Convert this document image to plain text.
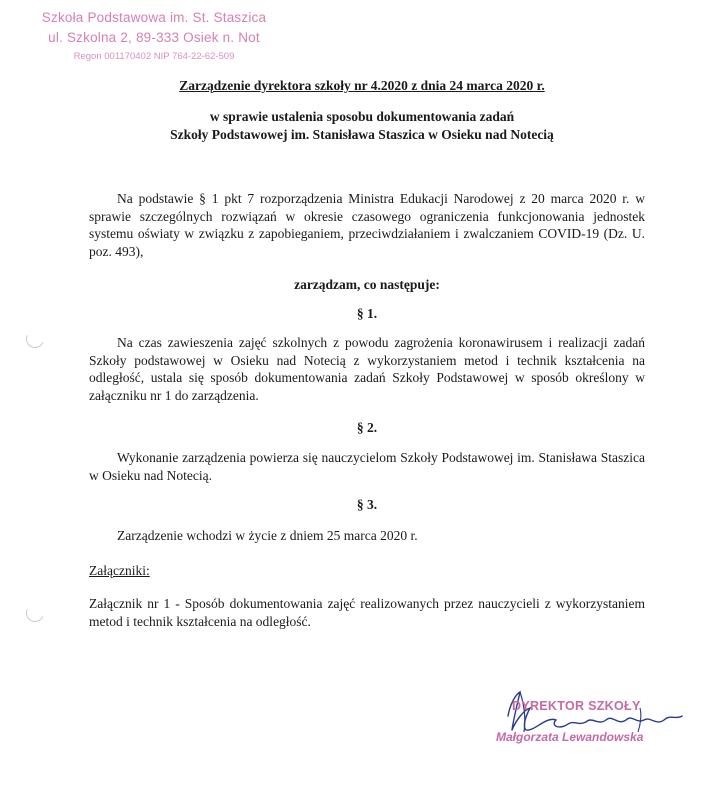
Szkoła Podstawowa im. St. Staszica
ul. Szkolna 2, 89-333 Osiek n. Not
Regon 001170402 NIP 764-22-62-509
Zarządzenie dyrektora szkoły nr 4.2020 z dnia 24 marca 2020 r.
w sprawie ustalenia sposobu dokumentowania zadań
Szkoły Podstawowej im. Stanisława Staszica w Osieku nad Notecią
Na podstawie § 1 pkt 7 rozporządzenia Ministra Edukacji Narodowej z 20 marca 2020 r. w sprawie szczególnych rozwiązań w okresie czasowego ograniczenia funkcjonowania jednostek systemu oświaty w związku z zapobieganiem, przeciwdziałaniem i zwalczaniem COVID-19 (Dz. U. poz. 493),
zarządzam, co następuje:
§ 1.
Na czas zawieszenia zajęć szkolnych z powodu zagrożenia koronawirusem i realizacji zadań Szkoły podstawowej w Osieku nad Notecią z wykorzystaniem metod i technik kształcenia na odległość, ustala się sposób dokumentowania zadań Szkoły Podstawowej w sposób określony w załączniku nr 1 do zarządzenia.
§ 2.
Wykonanie zarządzenia powierza się nauczycielom Szkoły Podstawowej im. Stanisława Staszica w Osieku nad Notecią.
§ 3.
Zarządzenie wchodzi w życie z dniem 25 marca 2020 r.
Załączniki:
Załącznik nr 1 - Sposób dokumentowania zajęć realizowanych przez nauczycieli z wykorzystaniem metod i technik kształcenia na odległość.
DYREKTOR SZKOŁY
Małgorzata Lewandowska
